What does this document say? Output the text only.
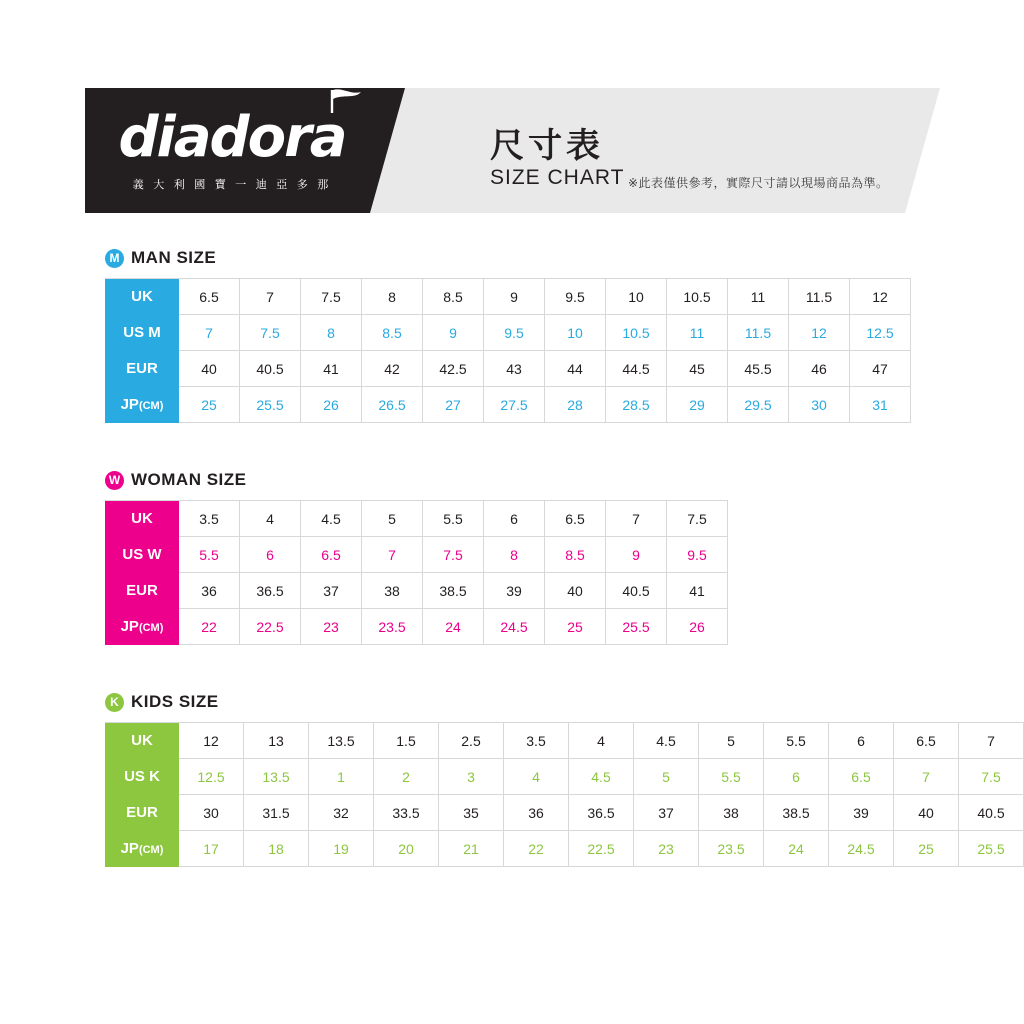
diadora
義 大 利 國 寶 一 迪 亞 多 那
尺寸表
SIZE CHART ※此表僅供參考，實際尺寸請以現場商品為準。
M MAN SIZE
UK	6.5	7	7.5	8	8.5	9	9.5	10	10.5	11	11.5	12
US M	7	7.5	8	8.5	9	9.5	10	10.5	11	11.5	12	12.5
EUR	40	40.5	41	42	42.5	43	44	44.5	45	45.5	46	47
JP(CM)	25	25.5	26	26.5	27	27.5	28	28.5	29	29.5	30	31
W WOMAN SIZE
UK	3.5	4	4.5	5	5.5	6	6.5	7	7.5
US W	5.5	6	6.5	7	7.5	8	8.5	9	9.5
EUR	36	36.5	37	38	38.5	39	40	40.5	41
JP(CM)	22	22.5	23	23.5	24	24.5	25	25.5	26
K KIDS SIZE
UK	12	13	13.5	1.5	2.5	3.5	4	4.5	5	5.5	6	6.5	7
US K	12.5	13.5	1	2	3	4	4.5	5	5.5	6	6.5	7	7.5
EUR	30	31.5	32	33.5	35	36	36.5	37	38	38.5	39	40	40.5
JP(CM)	17	18	19	20	21	22	22.5	23	23.5	24	24.5	25	25.5
